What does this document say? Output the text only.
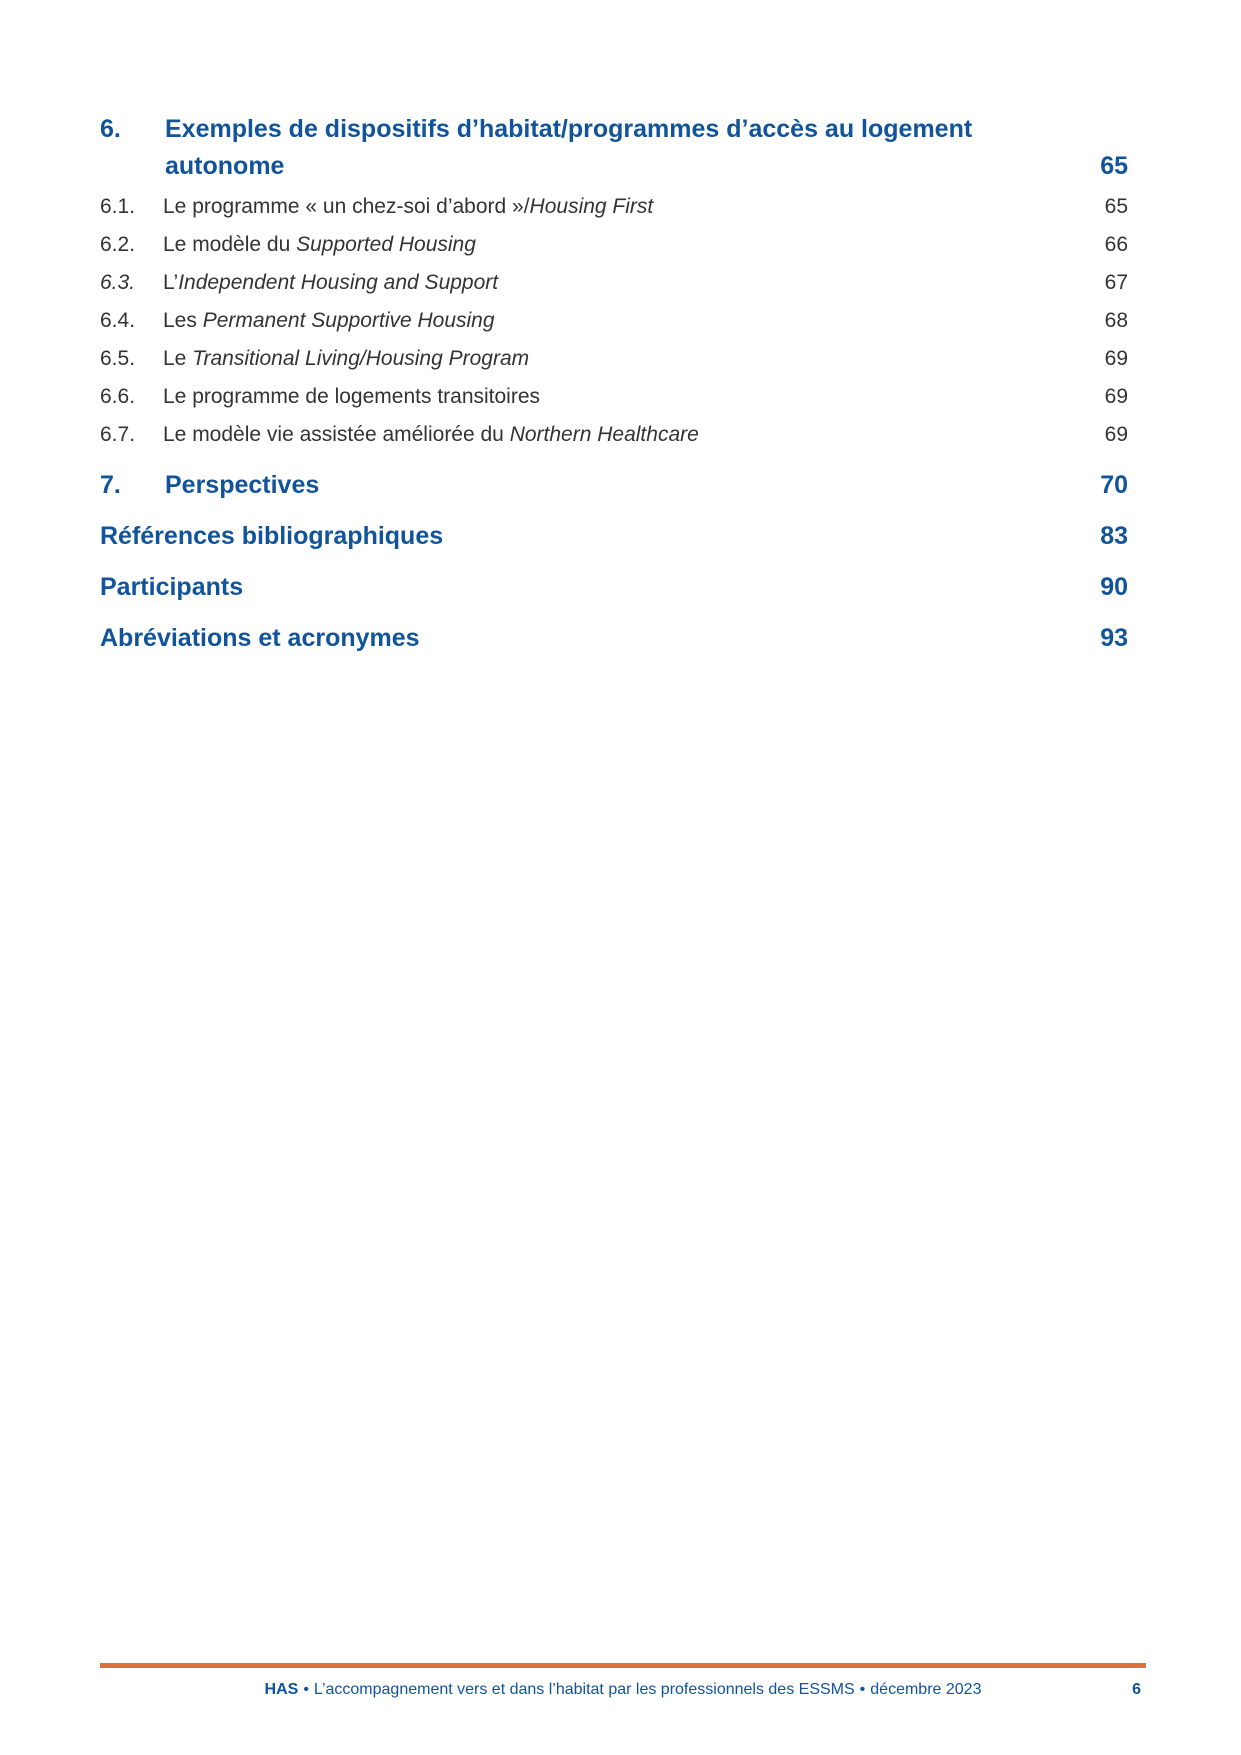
6.	Exemples de dispositifs d’habitat/programmes d’accès au logement autonome	65
6.1.	Le programme « un chez-soi d’abord »/Housing First	65
6.2.	Le modèle du Supported Housing	66
6.3.	L’Independent Housing and Support	67
6.4.	Les Permanent Supportive Housing	68
6.5.	Le Transitional Living/Housing Program	69
6.6.	Le programme de logements transitoires	69
6.7.	Le modèle vie assistée améliorée du Northern Healthcare	69
7.	Perspectives	70
Références bibliographiques	83
Participants	90
Abréviations et acronymes	93
HAS • L’accompagnement vers et dans l’habitat par les professionnels des ESSMS • décembre 2023	6
